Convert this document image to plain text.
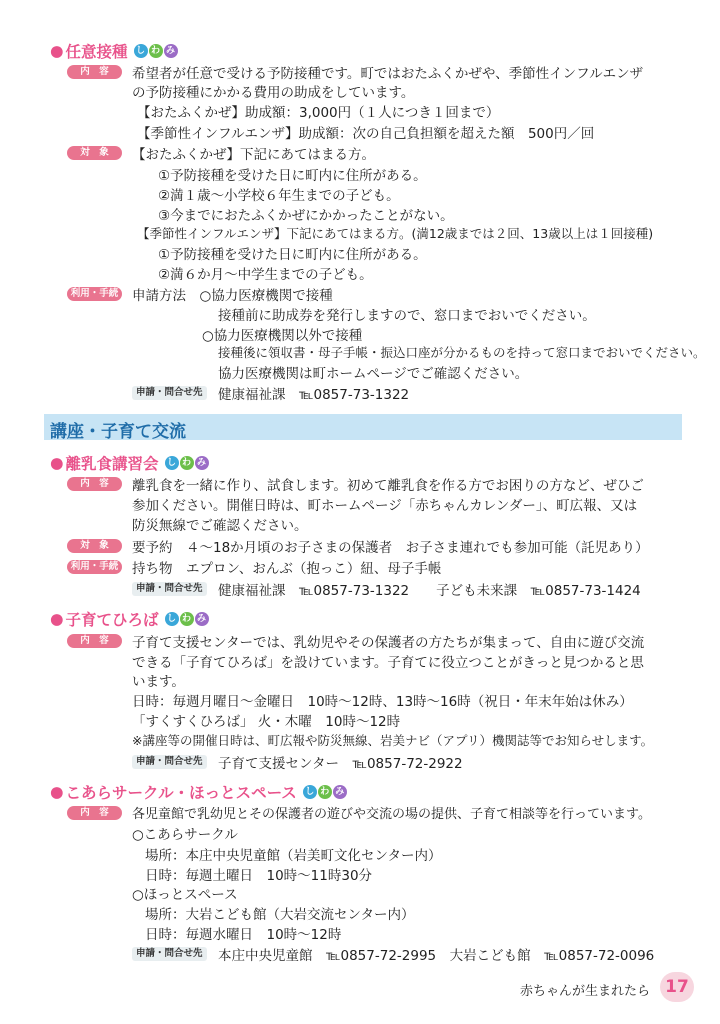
● 任意接種 し わ み
内　容	希望者が任意で受ける予防接種です。町ではおたふくかぜや、季節性インフルエンザ
の予防接種にかかる費用の助成をしています。
【おたふくかぜ】助成額：3,000円（１人につき１回まで）
【季節性インフルエンザ】助成額：次の自己負担額を超えた額　500円／回
対　象	【おたふくかぜ】下記にあてはまる方。
①予防接種を受けた日に町内に住所がある。
②満１歳～小学校６年生までの子ども。
③今までにおたふくかぜにかかったことがない。
【季節性インフルエンザ】下記にあてはまる方。(満12歳までは２回、13歳以上は１回接種)
①予防接種を受けた日に町内に住所がある。
②満６か月～中学生までの子ども。
利用・手続 申請方法　○協力医療機関で接種
接種前に助成券を発行しますので、窓口までおいでください。
○協力医療機関以外で接種
接種後に領収書・母子手帳・振込口座が分かるものを持って窓口までおいでください。
協力医療機関は町ホームページでご確認ください。
申請・問合せ先 健康福祉課　℡0857-73-1322
講座・子育て交流
● 離乳食講習会 し わ み
内　容	離乳食を一緒に作り、試食します。初めて離乳食を作る方でお困りの方など、ぜひご
参加ください。開催日時は、町ホームページ「赤ちゃんカレンダー」、町広報、又は
防災無線でご確認ください。
対　象	要予約　４～18か月頃のお子さまの保護者　お子さま連れでも参加可能（託児あり）
利用・手続 持ち物　エプロン、おんぶ（抱っこ）紐、母子手帳
申請・問合せ先 健康福祉課　℡0857-73-1322　　子ども未来課　℡0857-73-1424
● 子育てひろば し わ み
内　容	子育て支援センターでは、乳幼児やその保護者の方たちが集まって、自由に遊び交流
できる「子育てひろば」を設けています。子育てに役立つことがきっと見つかると思
います。
日時：毎週月曜日～金曜日　10時～12時、13時～16時（祝日・年末年始は休み）
「すくすくひろば」 火・木曜　10時～12時
※講座等の開催日時は、町広報や防災無線、岩美ナビ（アプリ）機関誌等でお知らせします。
申請・問合せ先 子育て支援センター　℡0857-72-2922
● こあらサークル・ほっとスペース し わ み
内　容	各児童館で乳幼児とその保護者の遊びや交流の場の提供、子育て相談等を行っています。
○こあらサークル
場所：本庄中央児童館（岩美町文化センター内）
日時：毎週土曜日　10時～11時30分
○ほっとスペース
場所：大岩こども館（大岩交流センター内）
日時：毎週水曜日　10時～12時
申請・問合せ先 本庄中央児童館　℡0857-72-2995　大岩こども館　℡0857-72-0096
赤ちゃんが生まれたら 17
